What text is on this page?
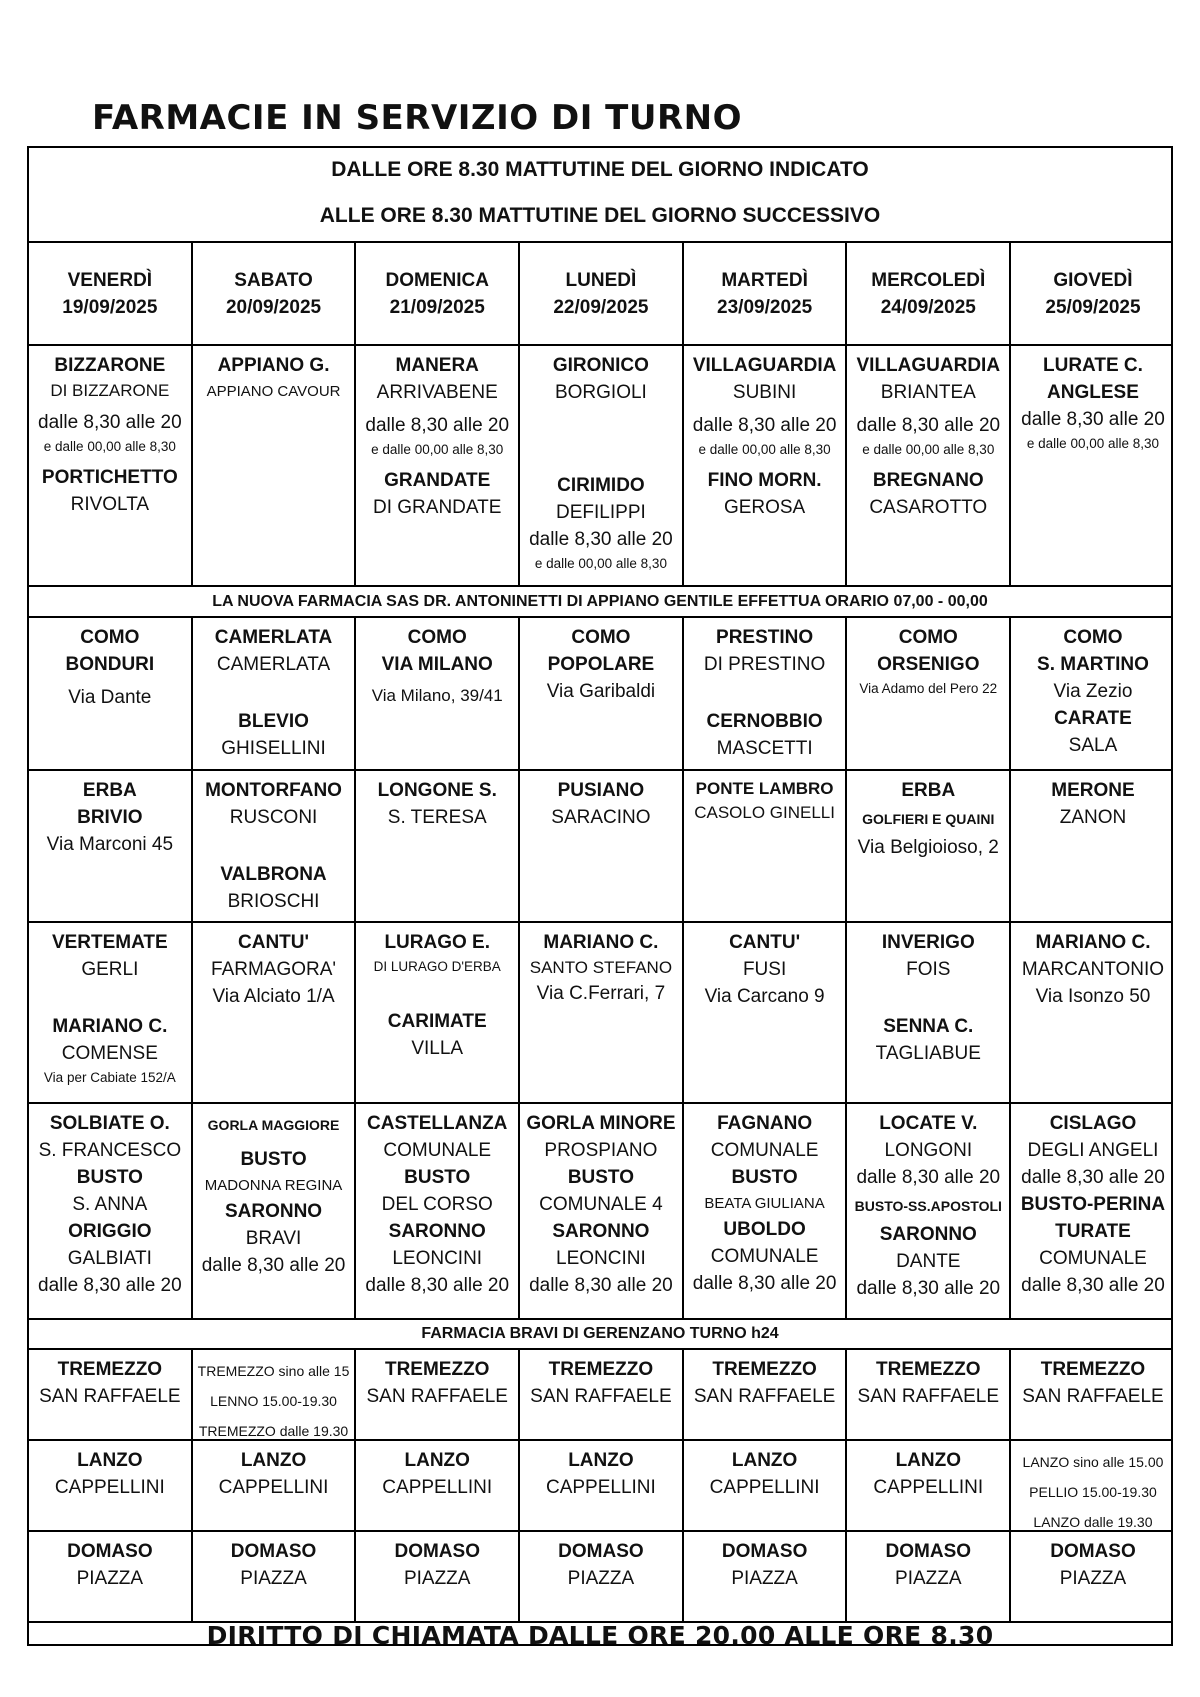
FARMACIE IN SERVIZIO DI TURNO
DALLE ORE 8.30 MATTUTINE DEL GIORNO INDICATO
ALLE ORE 8.30 MATTUTINE DEL GIORNO SUCCESSIVO
VENERDÌ
19/09/2025
SABATO
20/09/2025
DOMENICA
21/09/2025
LUNEDÌ
22/09/2025
MARTEDÌ
23/09/2025
MERCOLEDÌ
24/09/2025
GIOVEDÌ
25/09/2025
BIZZARONE
DI BIZZARONE
dalle 8,30 alle 20
e dalle 00,00 alle 8,30
PORTICHETTO
RIVOLTA
APPIANO G.
APPIANO CAVOUR
MANERA
ARRIVABENE
dalle 8,30 alle 20
e dalle 00,00 alle 8,30
GRANDATE
DI GRANDATE
GIRONICO
BORGIOLI
CIRIMIDO
DEFILIPPI
dalle 8,30 alle 20
e dalle 00,00 alle 8,30
VILLAGUARDIA
SUBINI
dalle 8,30 alle 20
e dalle 00,00 alle 8,30
FINO MORN.
GEROSA
VILLAGUARDIA
BRIANTEA
dalle 8,30 alle 20
e dalle 00,00 alle 8,30
BREGNANO
CASAROTTO
LURATE C.
ANGLESE
dalle 8,30 alle 20
e dalle 00,00 alle 8,30
LA NUOVA FARMACIA SAS DR. ANTONINETTI DI APPIANO GENTILE EFFETTUA ORARIO 07,00 - 00,00
COMO
BONDURI
Via Dante
CAMERLATA
CAMERLATA
BLEVIO
GHISELLINI
COMO
VIA MILANO
Via Milano, 39/41
COMO
POPOLARE
Via Garibaldi
PRESTINO
DI PRESTINO
CERNOBBIO
MASCETTI
COMO
ORSENIGO
Via Adamo del Pero 22
COMO
S. MARTINO
Via Zezio
CARATE
SALA
ERBA
BRIVIO
Via Marconi 45
MONTORFANO
RUSCONI
VALBRONA
BRIOSCHI
LONGONE S.
S. TERESA
PUSIANO
SARACINO
PONTE LAMBRO
CASOLO GINELLI
ERBA
GOLFIERI E QUAINI
Via Belgioioso, 2
MERONE
ZANON
VERTEMATE
GERLI
MARIANO C.
COMENSE
Via per Cabiate 152/A
CANTU'
FARMAGORA'
Via Alciato 1/A
LURAGO E.
DI LURAGO D'ERBA
CARIMATE
VILLA
MARIANO C.
SANTO STEFANO
Via C.Ferrari, 7
CANTU'
FUSI
Via Carcano 9
INVERIGO
FOIS
SENNA C.
TAGLIABUE
MARIANO C.
MARCANTONIO
Via Isonzo 50
SOLBIATE O.
S. FRANCESCO
BUSTO
S. ANNA
ORIGGIO
GALBIATI
dalle 8,30 alle 20
GORLA MAGGIORE
BUSTO
MADONNA REGINA
SARONNO
BRAVI
dalle 8,30 alle 20
CASTELLANZA
COMUNALE
BUSTO
DEL CORSO
SARONNO
LEONCINI
dalle 8,30 alle 20
GORLA MINORE
PROSPIANO
BUSTO
COMUNALE 4
SARONNO
LEONCINI
dalle 8,30 alle 20
FAGNANO
COMUNALE
BUSTO
BEATA GIULIANA
UBOLDO
COMUNALE
dalle 8,30 alle 20
LOCATE V.
LONGONI
dalle 8,30 alle 20
BUSTO-SS.APOSTOLI
SARONNO
DANTE
dalle 8,30 alle 20
CISLAGO
DEGLI ANGELI
dalle 8,30 alle 20
BUSTO-PERINA
TURATE
COMUNALE
dalle 8,30 alle 20
FARMACIA BRAVI DI GERENZANO TURNO h24
TREMEZZO
SAN RAFFAELE
TREMEZZO sino alle 15
LENNO 15.00-19.30
TREMEZZO dalle 19.30
TREMEZZO
SAN RAFFAELE
TREMEZZO
SAN RAFFAELE
TREMEZZO
SAN RAFFAELE
TREMEZZO
SAN RAFFAELE
TREMEZZO
SAN RAFFAELE
LANZO
CAPPELLINI
LANZO
CAPPELLINI
LANZO
CAPPELLINI
LANZO
CAPPELLINI
LANZO
CAPPELLINI
LANZO
CAPPELLINI
LANZO sino alle 15.00
PELLIO 15.00-19.30
LANZO dalle 19.30
DOMASO
PIAZZA
DOMASO
PIAZZA
DOMASO
PIAZZA
DOMASO
PIAZZA
DOMASO
PIAZZA
DOMASO
PIAZZA
DOMASO
PIAZZA
DIRITTO DI CHIAMATA DALLE ORE 20.00 ALLE ORE 8.30
